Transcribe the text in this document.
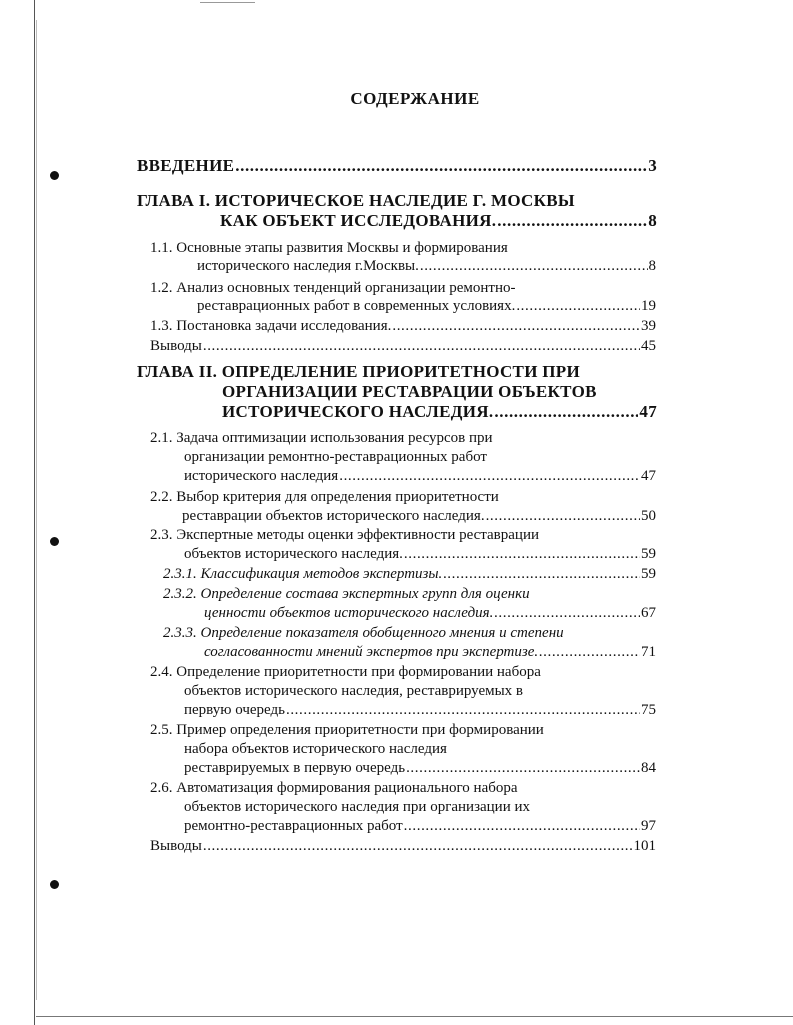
СОДЕРЖАНИЕ
ВВЕДЕНИЕ .....	3
ГЛАВА I. ИСТОРИЧЕСКОЕ НАСЛЕДИЕ Г. МОСКВЫ
КАК ОБЪЕКТ ИССЛЕДОВАНИЯ. .....	8
1.1. Основные этапы развития Москвы и формирования
исторического наследия г.Москвы. .....	8
1.2. Анализ основных тенденций организации ремонтно-
реставрационных работ в современных условиях. .....	19
1.3. Постановка задачи исследования. .....	39
Выводы .....	45
ГЛАВА II. ОПРЕДЕЛЕНИЕ ПРИОРИТЕТНОСТИ ПРИ
ОРГАНИЗАЦИИ РЕСТАВРАЦИИ ОБЪЕКТОВ
ИСТОРИЧЕСКОГО НАСЛЕДИЯ. .....	47
2.1. Задача оптимизации использования ресурсов при
организации ремонтно-реставрационных работ
исторического наследия .....	47
2.2. Выбор критерия для определения приоритетности
реставрации объектов исторического наследия. .....	50
2.3. Экспертные методы оценки эффективности реставрации
объектов исторического наследия. .....	59
2.3.1. Классификация методов экспертизы. .....	59
2.3.2. Определение состава экспертных групп для оценки
ценности объектов исторического наследия. .....	67
2.3.3. Определение показателя обобщенного мнения и степени
согласованности мнений экспертов при экспертизе. .....	71
2.4. Определение приоритетности при формировании набора
объектов исторического наследия, реставрируемых в
первую очередь .....	75
2.5. Пример определения приоритетности при формировании
набора объектов исторического наследия
реставрируемых в первую очередь .....	84
2.6. Автоматизация формирования рационального набора
объектов исторического наследия при организации их
ремонтно-реставрационных работ .....	97
Выводы .....	101
